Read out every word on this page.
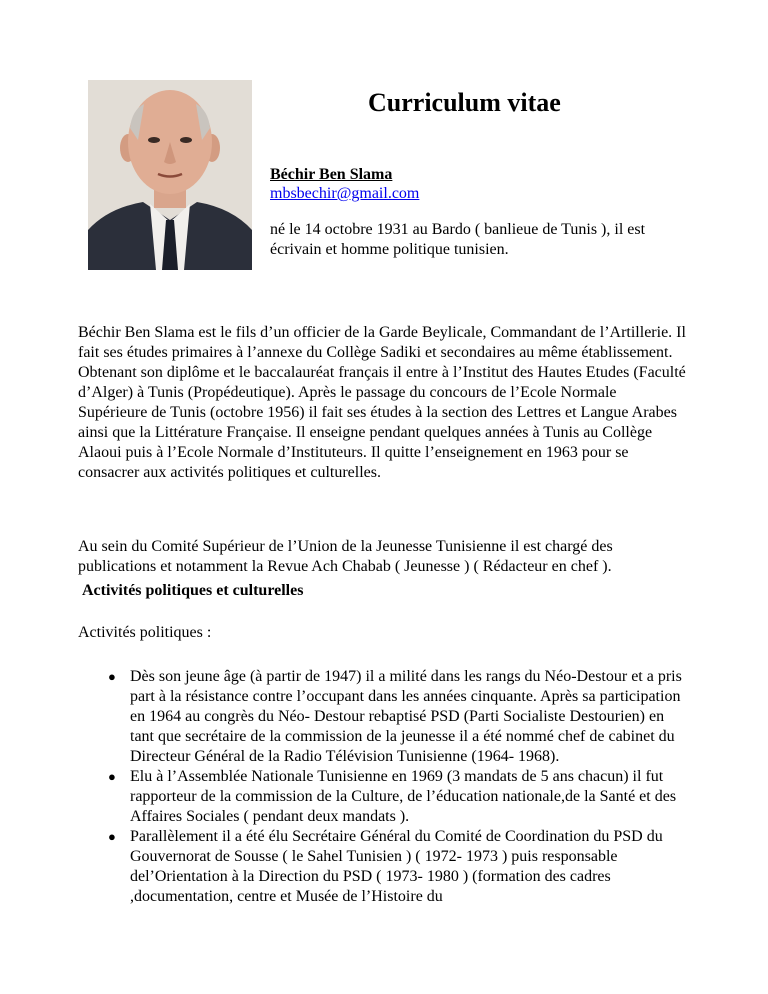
Curriculum vitae
Béchir Ben Slama
mbsbechir@gmail.com

né le 14 octobre 1931 au Bardo ( banlieue de Tunis ), il est écrivain et homme politique tunisien.

Béchir Ben Slama est le fils d’un officier de la Garde Beylicale, Commandant de l’Artillerie. Il fait ses études primaires à l’annexe du Collège Sadiki et secondaires au même établissement. Obtenant son diplôme et le baccalauréat français il entre à l’Institut des Hautes Etudes (Faculté d’Alger) à Tunis (Propédeutique). Après le passage du concours de l’Ecole Normale Supérieure de Tunis (octobre 1956) il fait ses études à la section des Lettres et Langue Arabes ainsi que la Littérature Française. Il enseigne pendant quelques années à Tunis au Collège Alaoui puis à l’Ecole Normale d’Instituteurs. Il quitte l’enseignement en 1963 pour se consacrer aux activités politiques et culturelles.

Au sein du Comité Supérieur de l’Union de la Jeunesse Tunisienne il est chargé des publications et notamment la Revue Ach Chabab ( Jeunesse ) ( Rédacteur en chef ).

Activités politiques et culturelles

Activités politiques :

● Dès son jeune âge (à partir de 1947) il a milité dans les rangs du Néo-Destour et a pris part à la résistance contre l’occupant dans les années cinquante. Après sa participation en 1964 au congrès du Néo- Destour rebaptisé PSD (Parti Socialiste Destourien) en tant que secrétaire de la commission de la jeunesse il a été nommé chef de cabinet du Directeur Général de la Radio Télévision Tunisienne (1964- 1968).
● Elu à l’Assemblée Nationale Tunisienne en 1969 (3 mandats de 5 ans chacun) il fut rapporteur de la commission de la Culture, de l’éducation nationale,de la Santé et des Affaires Sociales ( pendant deux mandats ).
● Parallèlement il a été élu Secrétaire Général du Comité de Coordination du PSD du Gouvernorat de Sousse ( le Sahel Tunisien ) ( 1972- 1973 ) puis responsable del’Orientation à la Direction du PSD ( 1973- 1980 ) (formation des cadres ,documentation, centre et Musée de l’Histoire du
